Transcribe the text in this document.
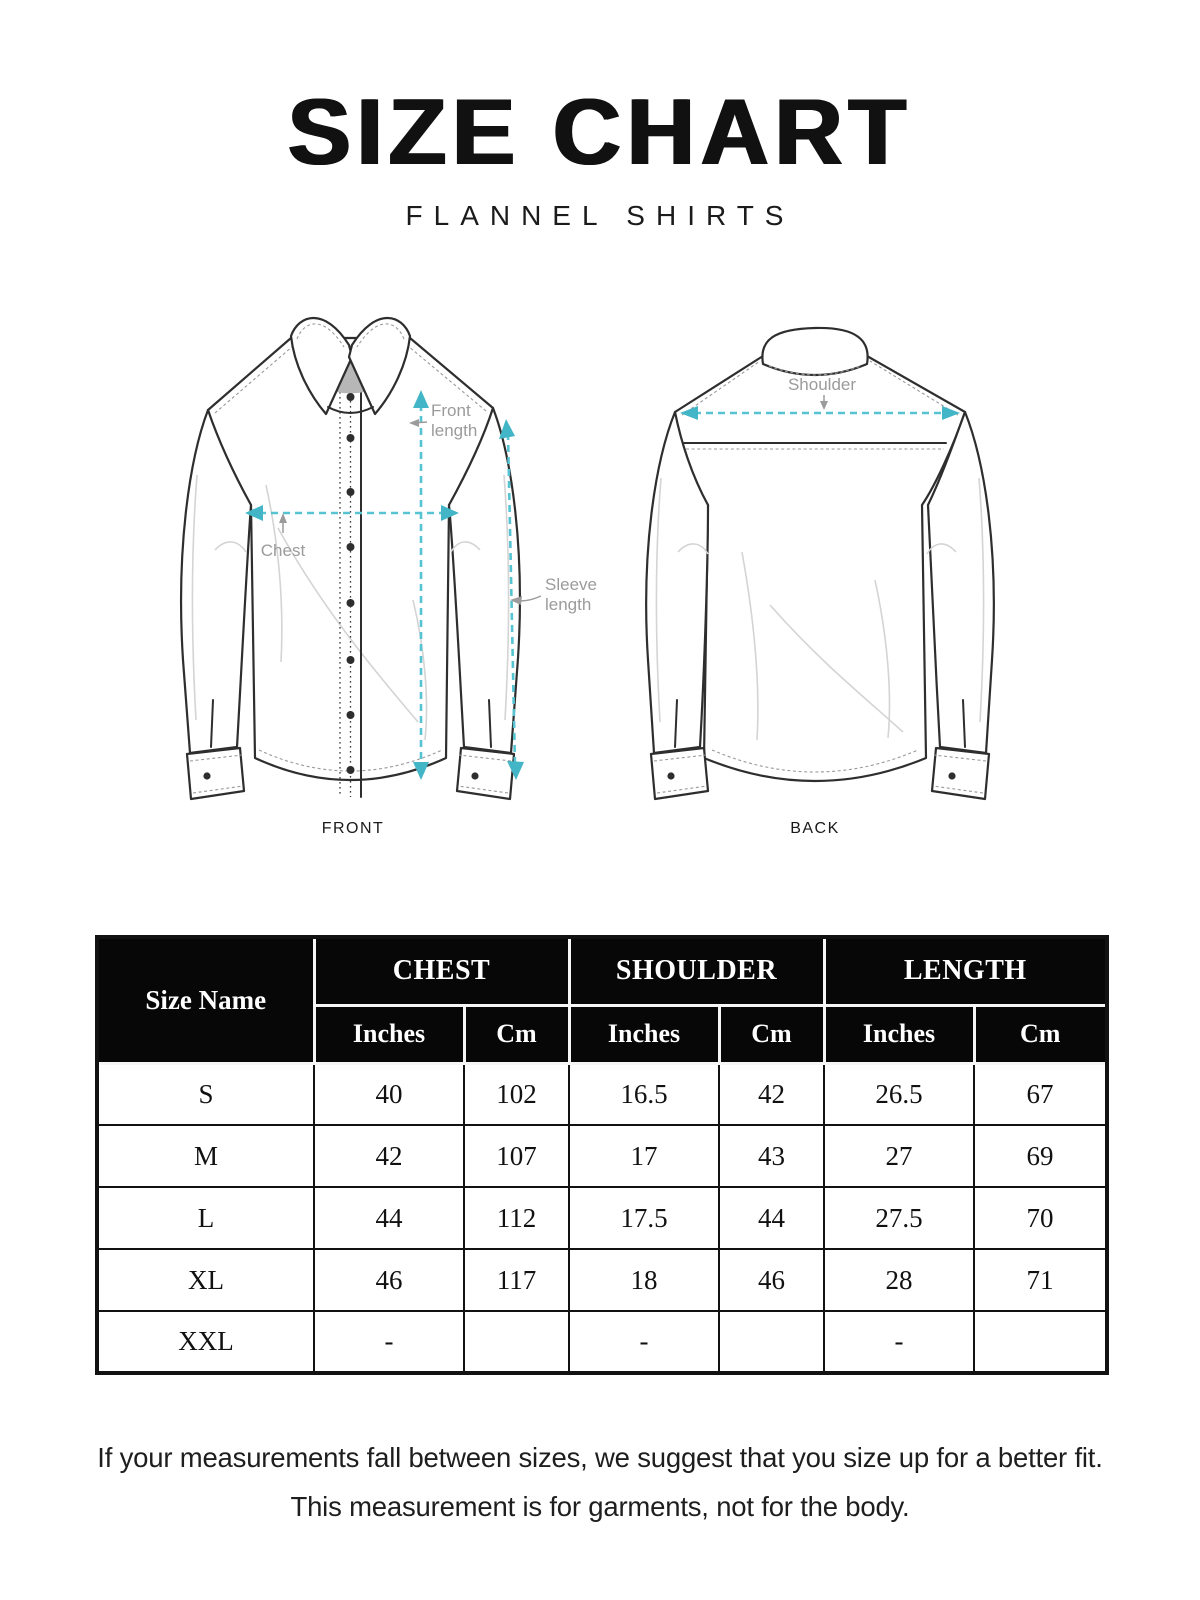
SIZE CHART
FLANNEL SHIRTS
Front
length
Chest
Sleeve
length
FRONT
Shoulder
BACK
Size Name	CHEST		SHOULDER		LENGTH	
	Inches	Cm	Inches	Cm	Inches	Cm
S	40	102	16.5	42	26.5	67
M	42	107	17	43	27	69
L	44	112	17.5	44	27.5	70
XL	46	117	18	46	28	71
XXL	-		-		-	
If your measurements fall between sizes, we suggest that you size up for a better fit.
This measurement is for garments, not for the body.
